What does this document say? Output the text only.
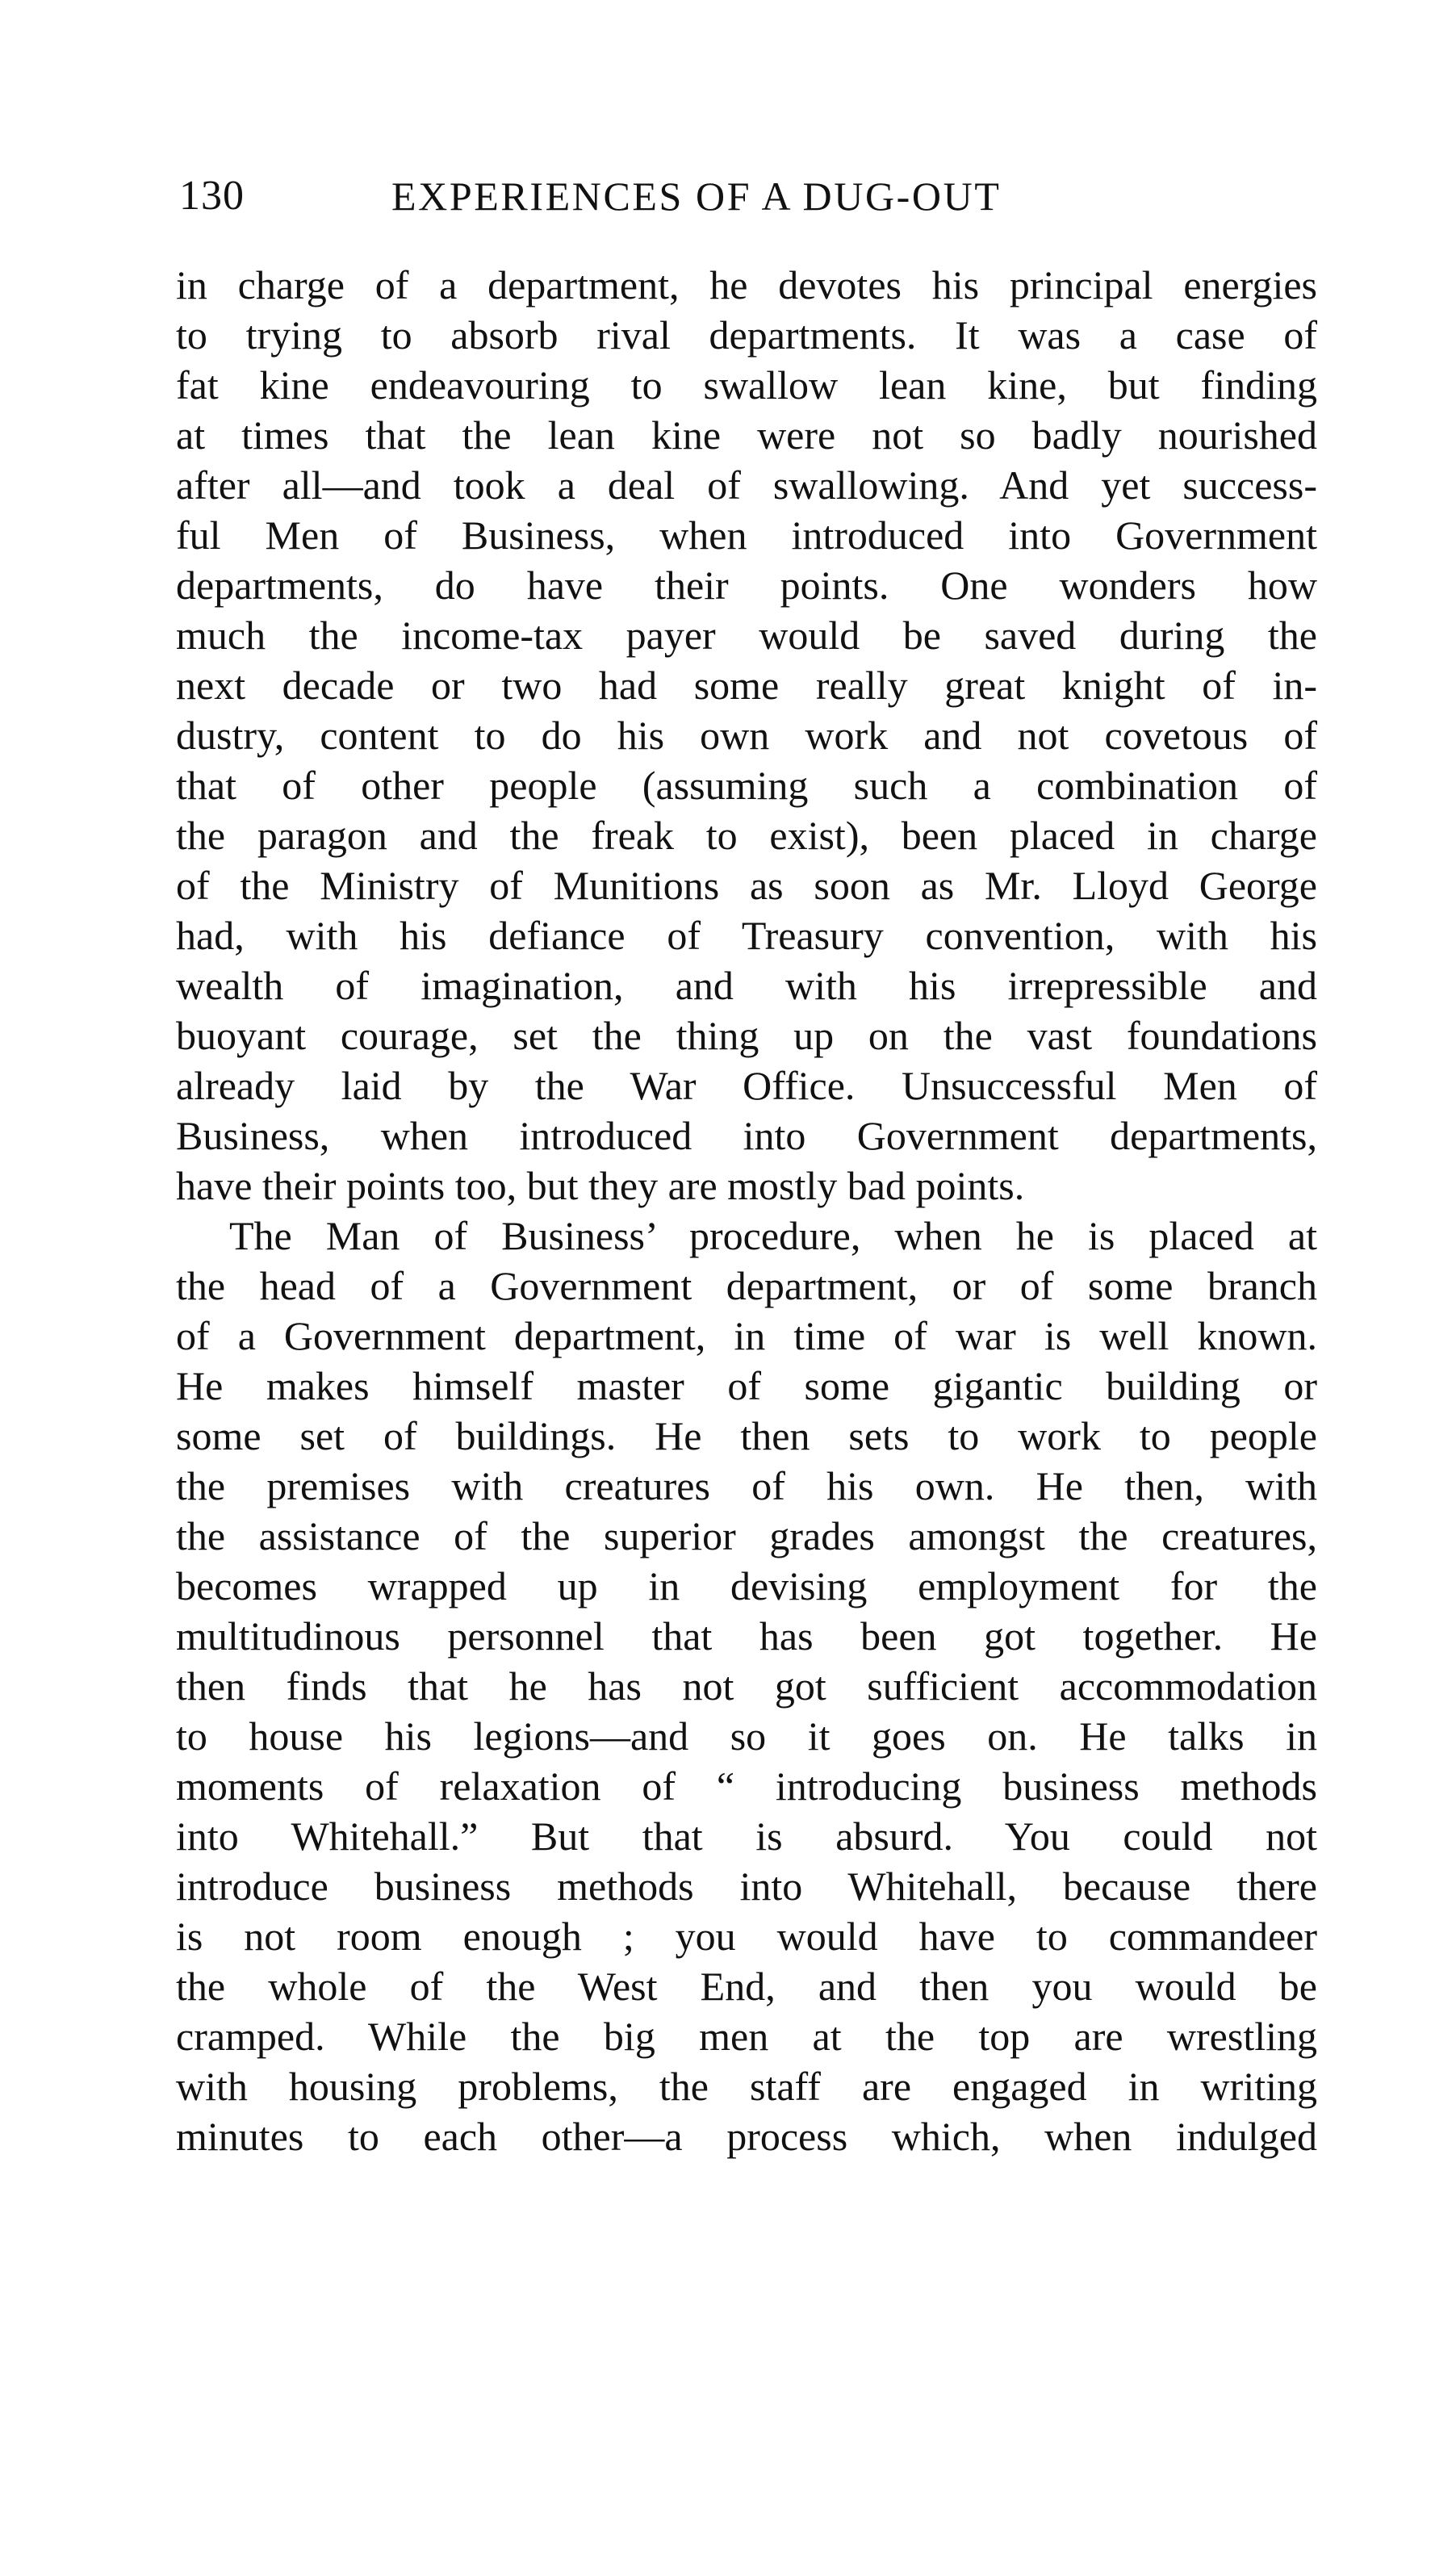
130	EXPERIENCES OF A DUG-OUT
in charge of a department, he devotes his principal energies
to trying to absorb rival departments. It was a case of
fat kine endeavouring to swallow lean kine, but finding
at times that the lean kine were not so badly nourished
after all—and took a deal of swallowing. And yet success-
ful Men of Business, when introduced into Government
departments, do have their points. One wonders how
much the income-tax payer would be saved during the
next decade or two had some really great knight of in-
dustry, content to do his own work and not covetous of
that of other people (assuming such a combination of
the paragon and the freak to exist), been placed in charge
of the Ministry of Munitions as soon as Mr. Lloyd George
had, with his defiance of Treasury convention, with his
wealth of imagination, and with his irrepressible and
buoyant courage, set the thing up on the vast foundations
already laid by the War Office. Unsuccessful Men of
Business, when introduced into Government departments,
have their points too, but they are mostly bad points.
The Man of Business’ procedure, when he is placed at
the head of a Government department, or of some branch
of a Government department, in time of war is well known.
He makes himself master of some gigantic building or
some set of buildings. He then sets to work to people
the premises with creatures of his own. He then, with
the assistance of the superior grades amongst the creatures,
becomes wrapped up in devising employment for the
multitudinous personnel that has been got together. He
then finds that he has not got sufficient accommodation
to house his legions—and so it goes on. He talks in
moments of relaxation of “ introducing business methods
into Whitehall.” But that is absurd. You could not
introduce business methods into Whitehall, because there
is not room enough ; you would have to commandeer
the whole of the West End, and then you would be
cramped. While the big men at the top are wrestling
with housing problems, the staff are engaged in writing
minutes to each other—a process which, when indulged
